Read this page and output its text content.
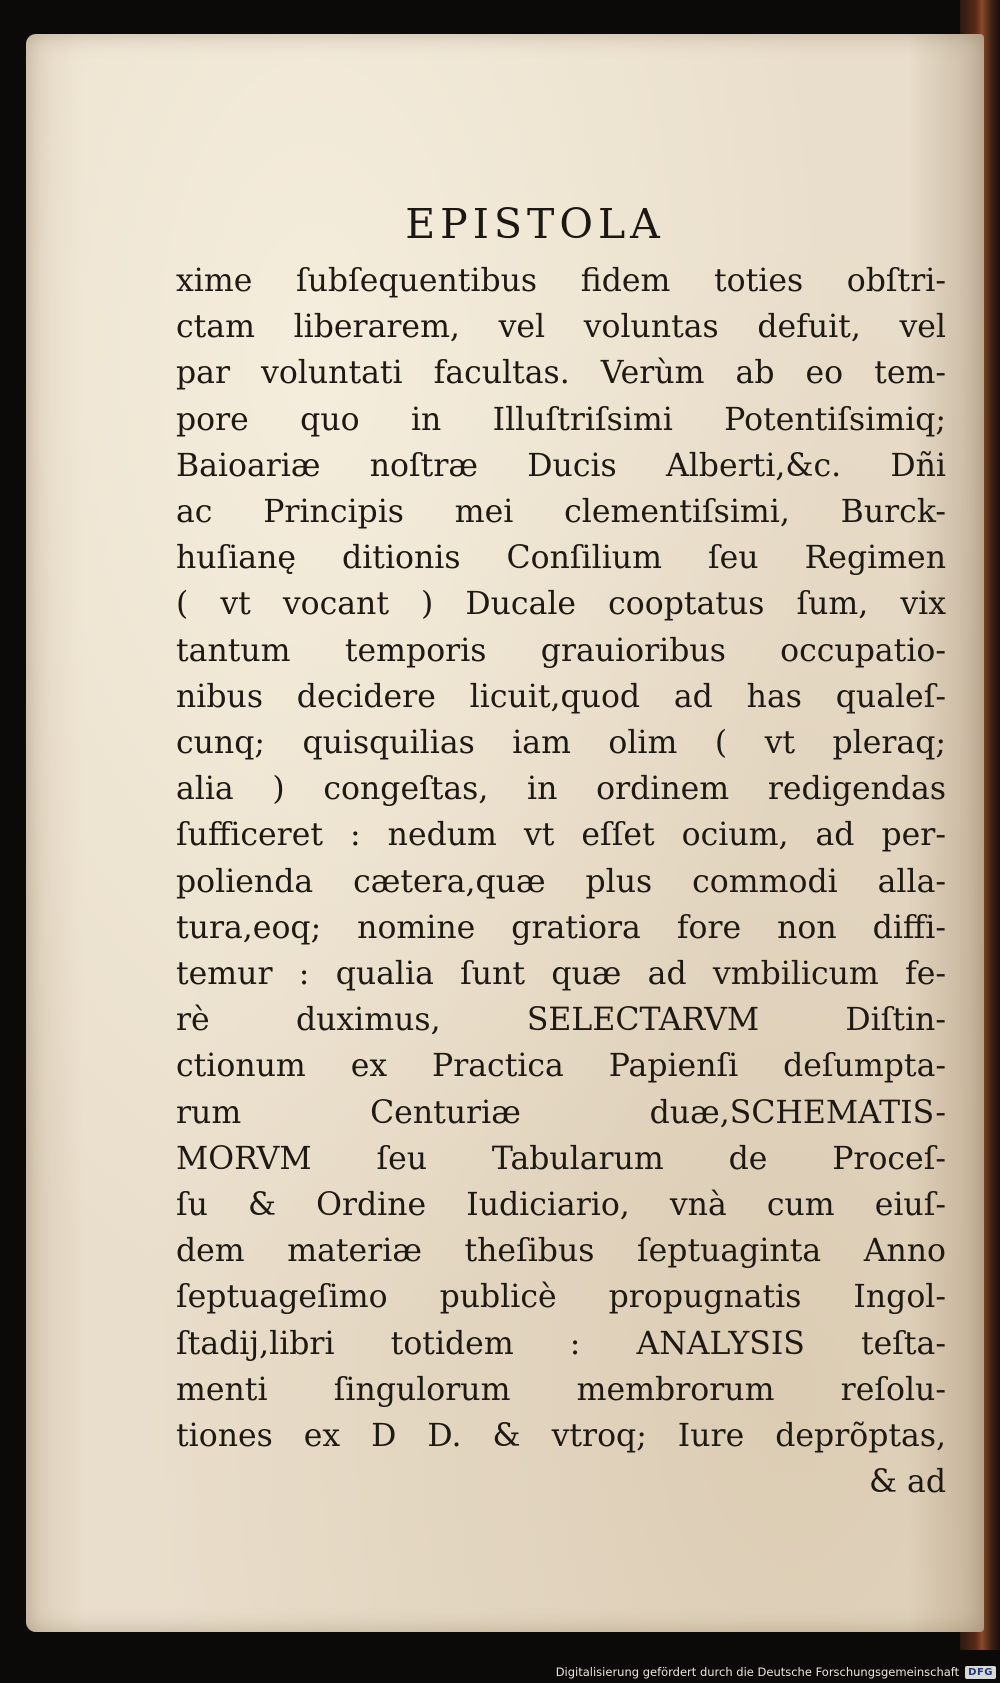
EPISTOLA
xime ſubſequentibus fidem toties obſtri-
ctam liberarem, vel voluntas defuit, vel
par voluntati facultas. Verùm ab eo tem-
pore quo in Illuſtriſsimi Potentiſsimiq;
Baioariæ noſtræ Ducis Alberti,&c. Dñi
ac Principis mei clementiſsimi, Burck-
huſianę ditionis Conſilium ſeu Regimen
( vt vocant ) Ducale cooptatus ſum, vix
tantum temporis grauioribus occupatio-
nibus decidere licuit,quod ad has qualeſ-
cunq; quisquilias iam olim ( vt pleraq;
alia ) congeſtas, in ordinem redigendas
ſufficeret : nedum vt eſſet ocium, ad per-
polienda cætera,quæ plus commodi alla-
tura,eoq; nomine gratiora fore non diffi-
temur : qualia ſunt quæ ad vmbilicum fe-
rè duximus, SELECTARVM Diſtin-
ctionum ex Practica Papienſi deſumpta-
rum Centuriæ duæ,SCHEMATIS-
MORVM ſeu Tabularum de Proceſ-
ſu & Ordine Iudiciario, vnà cum eiuſ-
dem materiæ theſibus ſeptuaginta Anno
ſeptuageſimo publicè propugnatis Ingol-
ſtadij,libri totidem : ANALYSIS teſta-
menti ſingulorum membrorum reſolu-
tiones ex D D. & vtroq; Iure deprõptas,
& ad
Digitalisierung gefördert durch die Deutsche Forschungsgemeinschaft DFG
